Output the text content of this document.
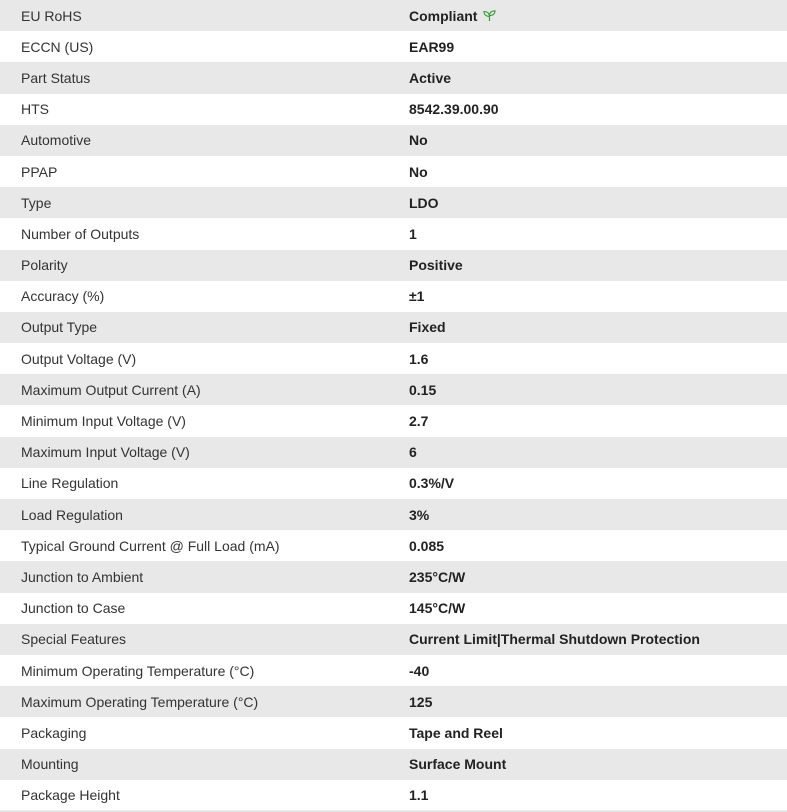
EU RoHS	Compliant
ECCN (US)	EAR99
Part Status	Active
HTS	8542.39.00.90
Automotive	No
PPAP	No
Type	LDO
Number of Outputs	1
Polarity	Positive
Accuracy (%)	±1
Output Type	Fixed
Output Voltage (V)	1.6
Maximum Output Current (A)	0.15
Minimum Input Voltage (V)	2.7
Maximum Input Voltage (V)	6
Line Regulation	0.3%/V
Load Regulation	3%
Typical Ground Current @ Full Load (mA)	0.085
Junction to Ambient	235°C/W
Junction to Case	145°C/W
Special Features	Current Limit|Thermal Shutdown Protection
Minimum Operating Temperature (°C)	-40
Maximum Operating Temperature (°C)	125
Packaging	Tape and Reel
Mounting	Surface Mount
Package Height	1.1
